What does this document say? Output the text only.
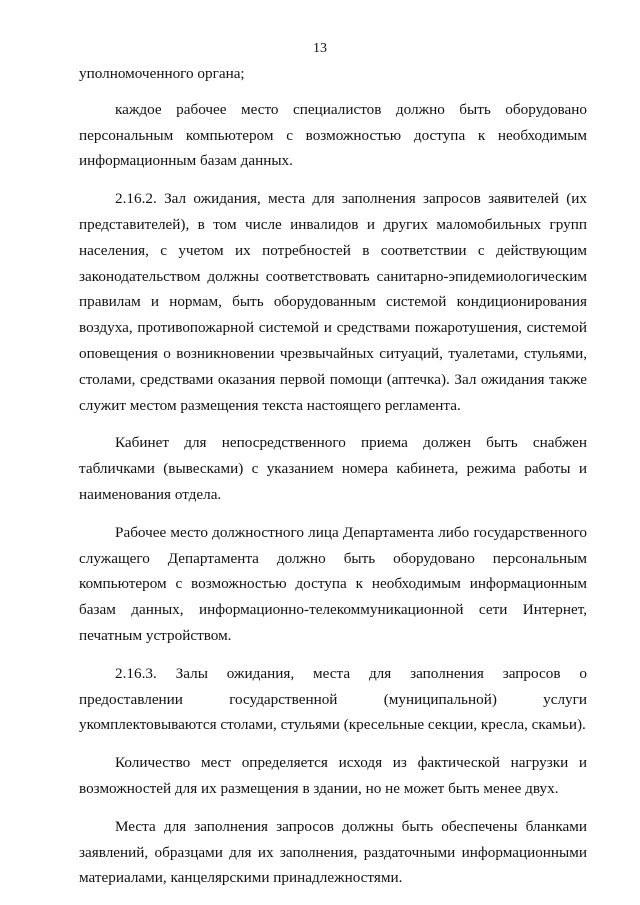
13

уполномоченного органа;

каждое рабочее место специалистов должно быть оборудовано персональным компьютером с возможностью доступа к необходимым информационным базам данных.

2.16.2. Зал ожидания, места для заполнения запросов заявителей (их представителей), в том числе инвалидов и других маломобильных групп населения, с учетом их потребностей в соответствии с действующим законодательством должны соответствовать санитарно-эпидемиологическим правилам и нормам, быть оборудованным системой кондиционирования воздуха, противопожарной системой и средствами пожаротушения, системой оповещения о возникновении чрезвычайных ситуаций, туалетами, стульями, столами, средствами оказания первой помощи (аптечка). Зал ожидания также служит местом размещения текста настоящего регламента.

Кабинет для непосредственного приема должен быть снабжен табличками (вывесками) с указанием номера кабинета, режима работы и наименования отдела.

Рабочее место должностного лица Департамента либо государственного служащего Департамента должно быть оборудовано персональным компьютером с возможностью доступа к необходимым информационным базам данных, информационно-телекоммуникационной сети Интернет, печатным устройством.

2.16.3. Залы ожидания, места для заполнения запросов о предоставлении государственной (муниципальной) услуги укомплектовываются столами, стульями (кресельные секции, кресла, скамьи).

Количество мест определяется исходя из фактической нагрузки и возможностей для их размещения в здании, но не может быть менее двух.

Места для заполнения запросов должны быть обеспечены бланками заявлений, образцами для их заполнения, раздаточными информационными материалами, канцелярскими принадлежностями.
